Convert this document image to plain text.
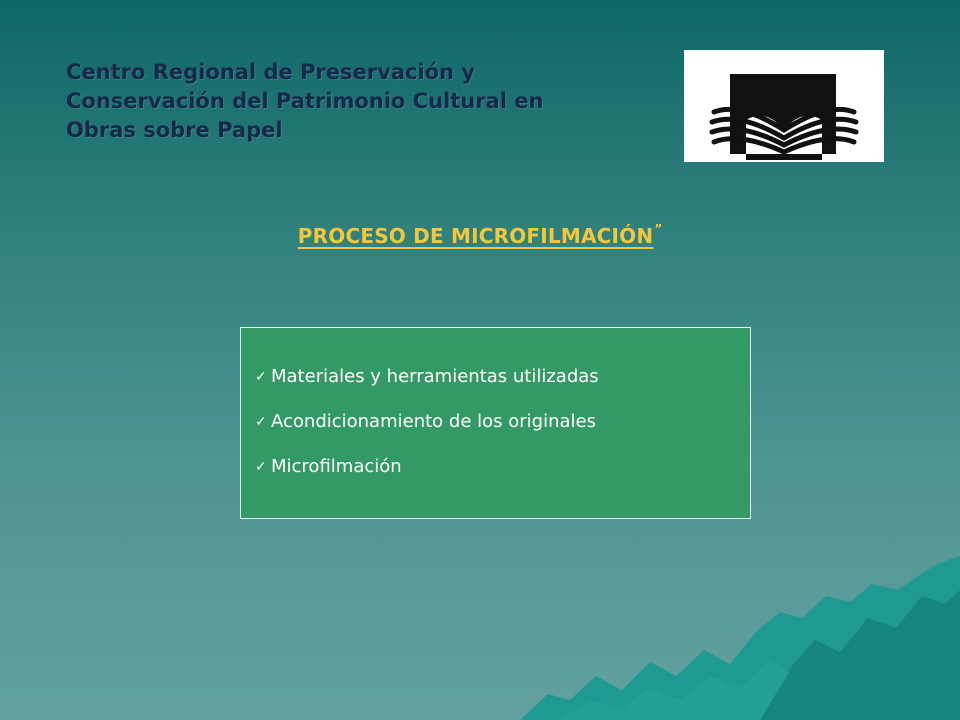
Centro Regional de Preservación y
Conservación del Patrimonio Cultural en
Obras sobre Papel
PROCESO DE MICROFILMACIÓN”
✓ Materiales y herramientas utilizadas
✓ Acondicionamiento de los originales
✓ Microfilmación
